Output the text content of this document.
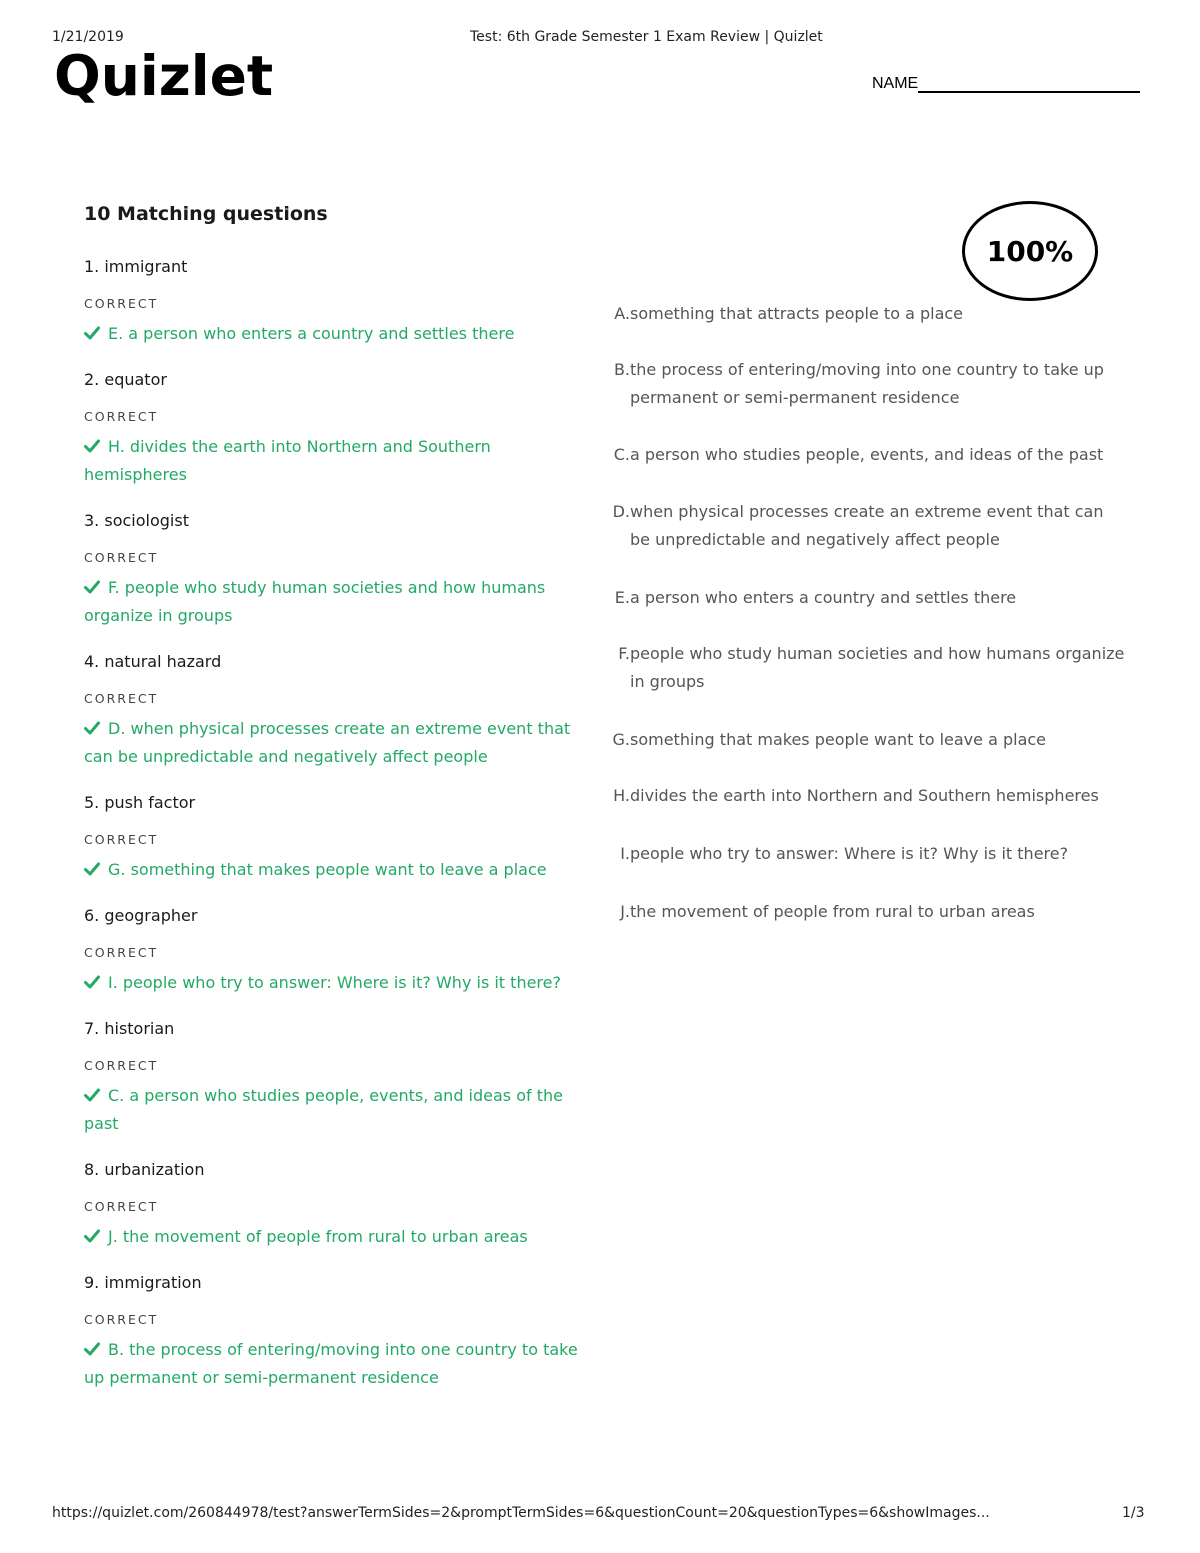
1/21/2019	Test: 6th Grade Semester 1 Exam Review | Quizlet
Quizlet	NAME
100%
10 Matching questions
1. immigrant
CORRECT
E. a person who enters a country and settles there
2. equator
CORRECT
H. divides the earth into Northern and Southern hemispheres
3. sociologist
CORRECT
F. people who study human societies and how humans organize in groups
4. natural hazard
CORRECT
D. when physical processes create an extreme event that can be unpredictable and negatively affect people
5. push factor
CORRECT
G. something that makes people want to leave a place
6. geographer
CORRECT
I. people who try to answer: Where is it? Why is it there?
7. historian
CORRECT
C. a person who studies people, events, and ideas of the past
8. urbanization
CORRECT
J. the movement of people from rural to urban areas
9. immigration
CORRECT
B. the process of entering/moving into one country to take up permanent or semi-permanent residence
A. something that attracts people to a place
B. the process of entering/moving into one country to take up permanent or semi-permanent residence
C. a person who studies people, events, and ideas of the past
D. when physical processes create an extreme event that can be unpredictable and negatively affect people
E. a person who enters a country and settles there
F. people who study human societies and how humans organize in groups
G. something that makes people want to leave a place
H. divides the earth into Northern and Southern hemispheres
I. people who try to answer: Where is it? Why is it there?
J. the movement of people from rural to urban areas
https://quizlet.com/260844978/test?answerTermSides=2&promptTermSides=6&questionCount=20&questionTypes=6&showImages...	1/3
